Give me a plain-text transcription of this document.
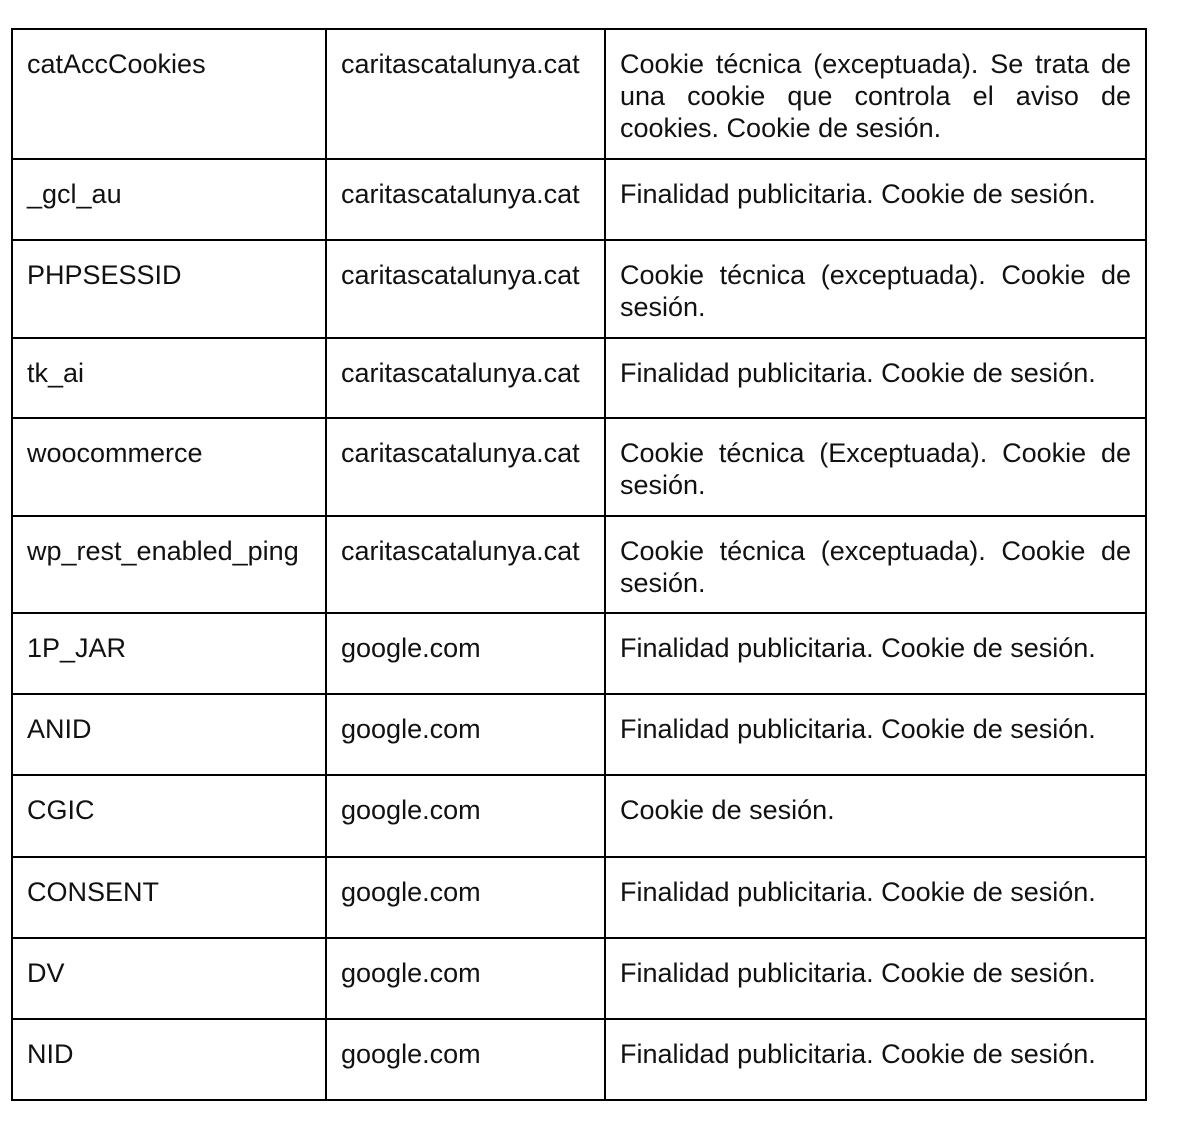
catAccCookies	caritascatalunya.cat	Cookie técnica (exceptuada). Se trata de una cookie que controla el aviso de cookies. Cookie de sesión.
_gcl_au	caritascatalunya.cat	Finalidad publicitaria. Cookie de sesión.
PHPSESSID	caritascatalunya.cat	Cookie técnica (exceptuada). Cookie de sesión.
tk_ai	caritascatalunya.cat	Finalidad publicitaria. Cookie de sesión.
woocommerce	caritascatalunya.cat	Cookie técnica (Exceptuada). Cookie de sesión.
wp_rest_enabled_ping	caritascatalunya.cat	Cookie técnica (exceptuada). Cookie de sesión.
1P_JAR	google.com	Finalidad publicitaria. Cookie de sesión.
ANID	google.com	Finalidad publicitaria. Cookie de sesión.
CGIC	google.com	Cookie de sesión.
CONSENT	google.com	Finalidad publicitaria. Cookie de sesión.
DV	google.com	Finalidad publicitaria. Cookie de sesión.
NID	google.com	Finalidad publicitaria. Cookie de sesión.
